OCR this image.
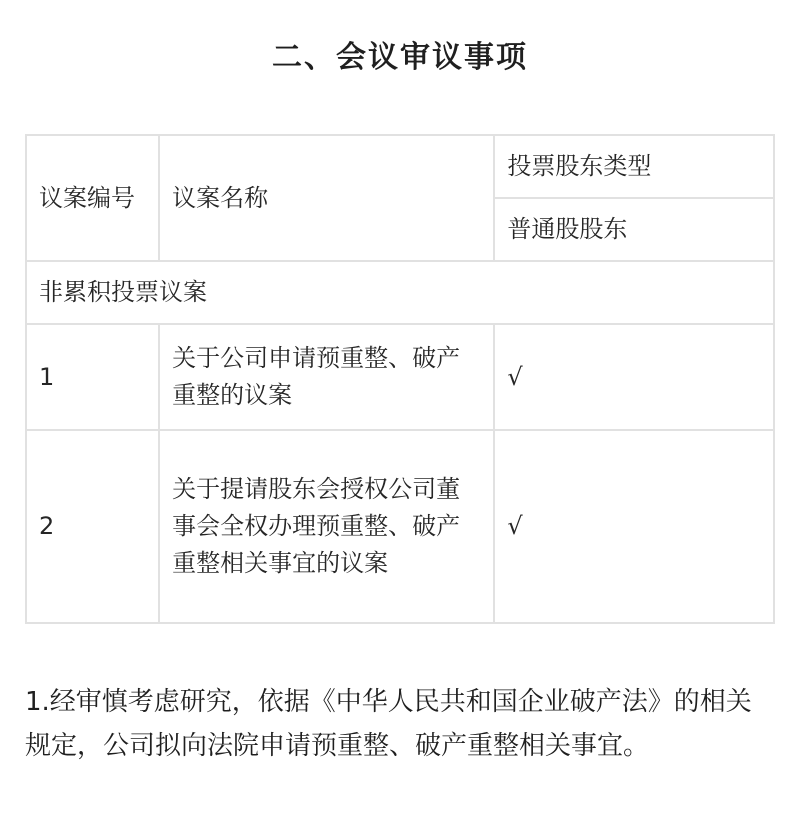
二、会议审议事项
议案编号	议案名称	投票股东类型
		普通股股东
非累积投票议案		
1	关于公司申请预重整、破产重整的议案	√
2	关于提请股东会授权公司董事会全权办理预重整、破产重整相关事宜的议案	√

1.经审慎考虑研究，依据《中华人民共和国企业破产法》的相关规定，公司拟向法院申请预重整、破产重整相关事宜。
